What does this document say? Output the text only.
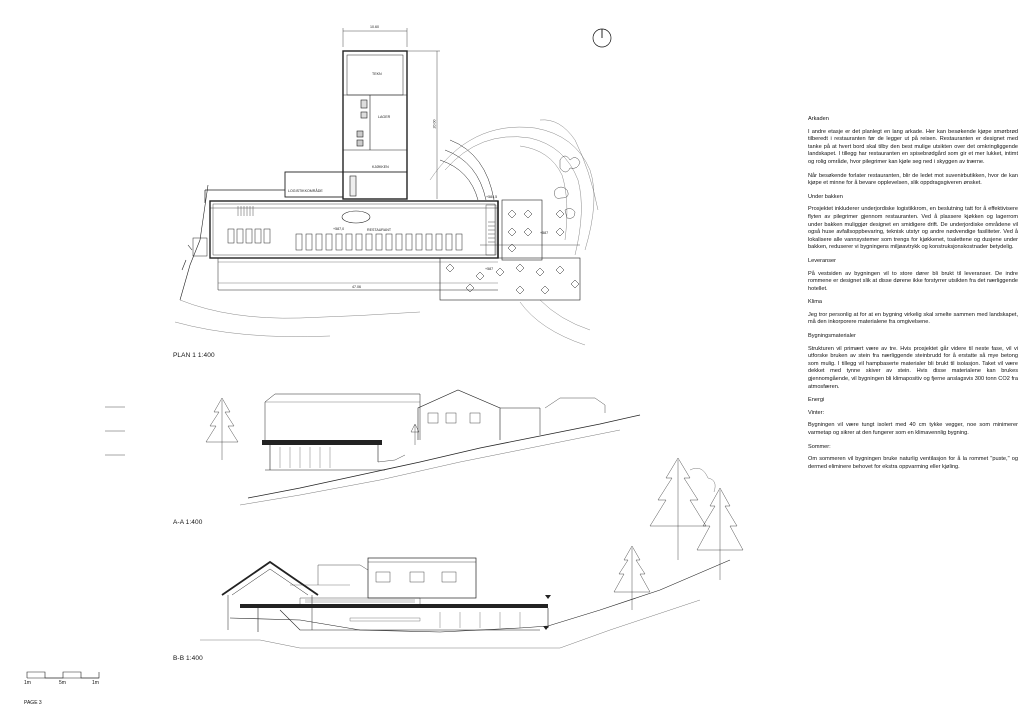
10.60
20.00
47.06
TEKN
LAGER
KJØKKEN
LOGISTIKKOMRÅDE
RESTAURANT
+587,0
+584,5
+587
+587
PLAN 1 1:400
A-A 1:400
B-B 1:400
1m	5m	1m
PAGE 3
Arkaden
I andre etasje er det planlegt en lang arkade. Her kan besøkende kjøpe smørbrød tilberedt i restauranten før de legger ut på reisen. Restauranten er designet med tanke på at hvert bord skal tilby den best mulige utsikten over det omkringliggende landskapet. I tillegg har restauranten en spisebrødgård som gir et mer lukket, intimt og rolig område, hvor pilegrimer kan kjøle seg ned i skyggen av trærne.
Når besøkende forlater restauranten, blir de ledet mot suvenirbutikken, hvor de kan kjøpe et minne for å bevare opplevelsen, slik oppdragsgiveren ønsket.
Under bakken
Prosjektet inkluderer underjordiske logistikkrom, en beslutning tatt for å effektivisere flyten av pilegrimer gjennom restauranten. Ved å plassere kjøkken og lagerrom under bakken muliggjør designet en smidigere drift. De underjordiske områdene vil også huse avfallsoppbevaring, teknisk utstyr og andre nødvendige fasiliteter. Ved å lokalisere alle vannsystemer som trengs for kjøkkenet, toalettene og dusjene under bakken, reduserer vi bygningens miljøavtrykk og konstruksjonskostnader betydelig.
Leveranser
På vestsiden av bygningen vil to store dører bli brukt til leveranser. De indre rommene er designet slik at disse dørene ikke forstyrrer utsikten fra det nærliggende hotellet.
Klima
Jeg tror personlig at for at en bygning virkelig skal smelte sammen med landskapet, må den inkorporere materialene fra omgivelsene.
Bygningsmaterialer
Strukturen vil primært være av tre. Hvis prosjektet går videre til neste fase, vil vi utforske bruken av stein fra nærliggende steinbrudd for å erstatte så mye betong som mulig. I tillegg vil hampbaserte materialer bli brukt til isolasjon. Taket vil være dekket med tynne skiver av stein. Hvis disse materialene kan brukes gjennomgående, vil bygningen bli klimapositiv og fjerne anslagsvis 300 tonn CO2 fra atmosfæren.
Energi
Vinter:
Bygningen vil være tungt isolert med 40 cm tykke vegger, noe som minimerer varmetap og sikrer at den fungerer som en klimavennlig bygning.
Sommer:
Om sommeren vil bygningen bruke naturlig ventilasjon for å la rommet "puste," og dermed eliminere behovet for ekstra oppvarming eller kjøling.
